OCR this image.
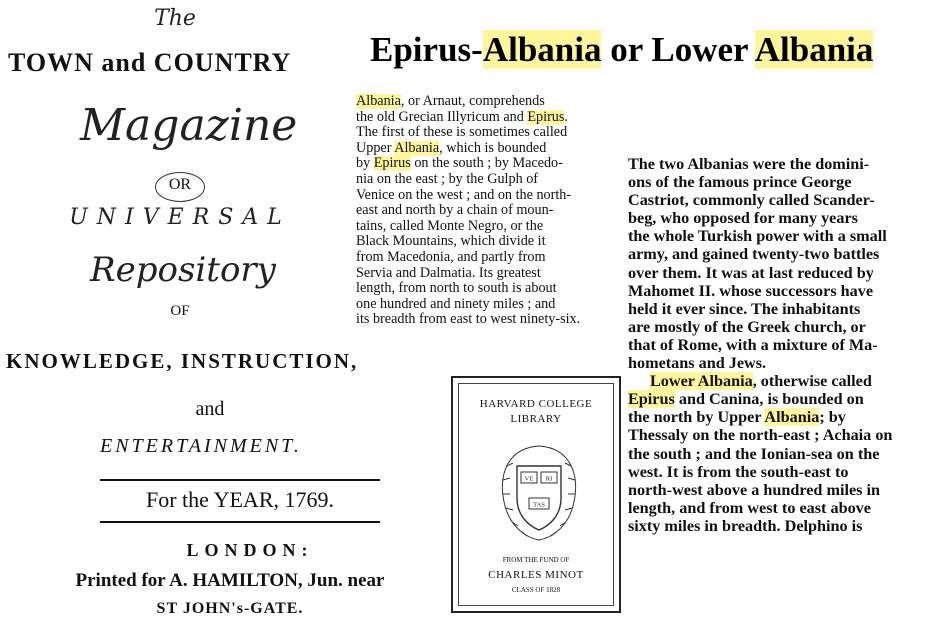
The
TOWN and COUNTRY
Magazine
OR
UNIVERSAL
Repository
OF
KNOWLEDGE, INSTRUCTION,
and
ENTERTAINMENT.
For the YEAR, 1769.
LONDON:
Printed for A. HAMILTON, Jun. near
ST JOHN's-GATE.
Epirus-Albania or Lower Albania
Albania, or Arnaut, comprehends
the old Grecian Illyricum and Epirus.
The first of these is sometimes called
Upper Albania, which is bounded
by Epirus on the south ; by Macedo-
nia on the east ; by the Gulph of
Venice on the west ; and on the north-
east and north by a chain of moun-
tains, called Monte Negro, or the
Black Mountains, which divide it
from Macedonia, and partly from
Servia and Dalmatia. Its greatest
length, from north to south is about
one hundred and ninety miles ; and
its breadth from east to west ninety-six.
The two Albanias were the domini-
ons of the famous prince George
Castriot, commonly called Scander-
beg, who opposed for many years
the whole Turkish power with a small
army, and gained twenty-two battles
over them. It was at last reduced by
Mahomet II. whose successors have
held it ever since. The inhabitants
are mostly of the Greek church, or
that of Rome, with a mixture of Ma-
hometans and Jews.
Lower Albania, otherwise called
Epirus and Canina, is bounded on
the north by Upper Albania; by
Thessaly on the north-east ; Achaia on
the south ; and the Ionian-sea on the
west. It is from the south-east to
north-west above a hundred miles in
length, and from west to east above
sixty miles in breadth. Delphino is
HARVARD COLLEGE
LIBRARY
VE RI
TAS
FROM THE FUND OF
CHARLES MINOT
CLASS OF 1828
